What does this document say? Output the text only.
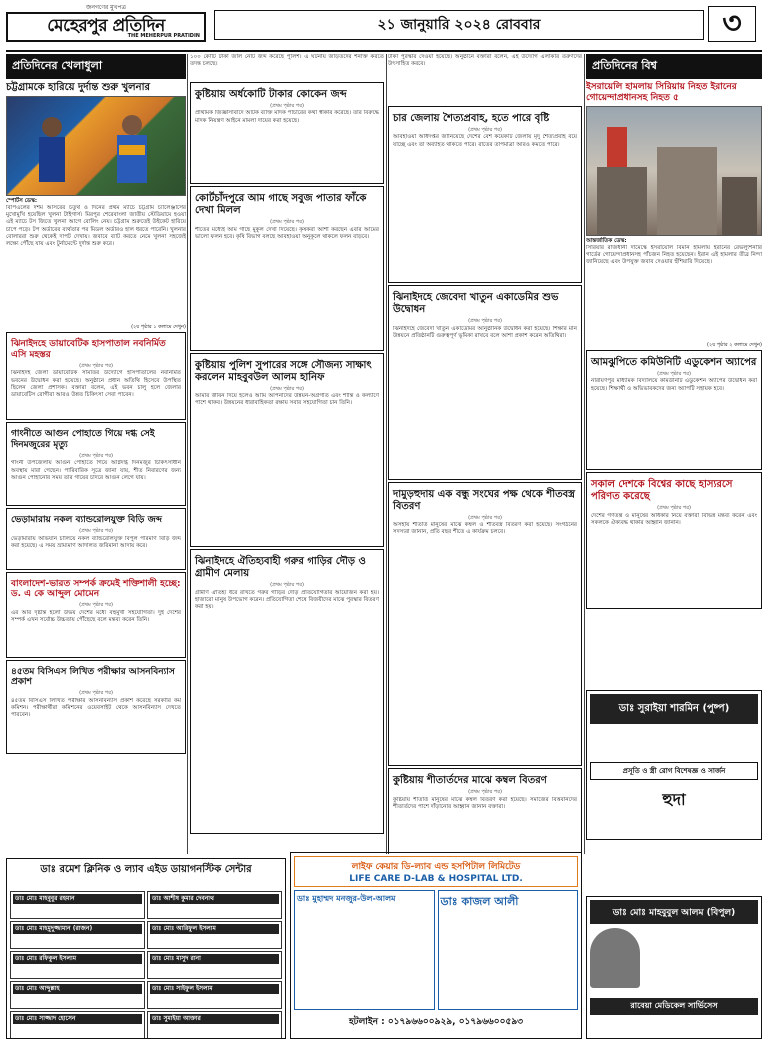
জনগণের মুখপত্র
মেহেরপুর প্রতিদিন
THE MEHERPUR PRATIDIN
২১ জানুয়ারি ২০২৪ রোববার	৩
প্রতিদিনের খেলাধুলা
চট্টগ্রামকে হারিয়ে দুর্দান্ত শুরু খুলনার
স্পোর্টস ডেস্ক:
বিপিএলের দশম আসরের চতুর্থ ও দিনের প্রথম ম্যাচে চট্টগ্রাম চ্যালেঞ্জার্সের মুখোমুখি হয়েছিল খুলনা টাইগার্স। মিরপুর শেরেবাংলা জাতীয় স্টেডিয়ামে হওয়া এই ম্যাচে টস জিতে খুলনা আগে বোলিং নেয়। চট্টগ্রাম শুরুতেই উইকেট হারিয়ে চাপে পড়ে। টপ অর্ডারের ব্যর্থতার পর মিডল অর্ডারও হাল ধরতে পারেনি। খুলনার বোলাররা শুরু থেকেই দাপট দেখায়। জবাবে ব্যাট করতে নেমে খুলনা সহজেই লক্ষ্যে পৌঁছে যায় এবং টুর্নামেন্টে দুর্দান্ত শুরু করে।
(২য় পৃষ্ঠার ১ কলামে দেখুন)
ঝিনাইদহে ডায়াবেটিক হাসপাতাল নবনির্মিত এসি মহস্তর
(প্রথম পৃষ্ঠার পর)
ঝিনাইদহ জেলা ডায়াবেটিক সমিতির উদ্যোগে হাসপাতালের নবনির্মিত ভবনের উদ্বোধন করা হয়েছে। অনুষ্ঠানে প্রধান অতিথি হিসেবে উপস্থিত ছিলেন জেলা প্রশাসক। বক্তারা বলেন, এই ভবন চালু হলে জেলার ডায়াবেটিস রোগীরা আরও উন্নত চিকিৎসা সেবা পাবেন।
গাংনীতে আগুন পোহাতে গিয়ে দগ্ধ সেই দিনমজুরের মৃত্যু
(প্রথম পৃষ্ঠার পর)
গাংনী উপজেলায় আগুন পোহাতে গিয়ে অগ্নিদগ্ধ দিনমজুর চিকিৎসাধীন অবস্থায় মারা গেছেন। পারিবারিক সূত্রে জানা যায়, শীত নিবারণের জন্য আগুন পোহানোর সময় তার গায়ের চাদরে আগুন লেগে যায়।
ভেড়ামারায় নকল ব্যান্ডরোলযুক্ত বিড়ি জব্দ
(প্রথম পৃষ্ঠার পর)
ভেড়ামারায় অভিযান চালিয়ে নকল ব্যান্ডরোলযুক্ত বিপুল পরিমাণ বিড়ি জব্দ করা হয়েছে। এ সময় ভ্রাম্যমাণ আদালত জরিমানা আদায় করে।
বাংলাদেশ-ভারত সম্পর্ক ক্রমেই শক্তিশালী হচ্ছে: ড. এ কে আব্দুল মোমেন
(প্রথম পৃষ্ঠার পর)
এর আর দৃষ্টান্ত হলো উভয় দেশের মধ্যে বহুমুখী সহযোগিতা। দুই দেশের সম্পর্ক এখন সর্বোচ্চ উচ্চতায় পৌঁছেছে বলে মন্তব্য করেন তিনি।
৪৫তম বিসিএস লিখিত পরীক্ষার আসনবিন্যাস প্রকাশ
(প্রথম পৃষ্ঠার পর)
৪৫তম বিসিএস লিখিত পরীক্ষার আসনবিন্যাস প্রকাশ করেছে সরকারি কর্ম কমিশন। পরীক্ষার্থীরা কমিশনের ওয়েবসাইট থেকে আসনবিন্যাস দেখতে পারবেন।
১০০ কোটি টাকা জাল নোট জব্দ করেছে পুলিশ। এ ঘটনায় জড়িতদের শনাক্ত করতে তদন্ত চলছে।
কুষ্টিয়ায় অর্ধকোটি টাকার কোকেন জব্দ
(প্রথম পৃষ্ঠার পর)
প্রাথমিক জিজ্ঞাসাবাদে আটক ব্যক্তি মাদক পাচারের কথা স্বীকার করেছে। তার বিরুদ্ধে মাদক নিয়ন্ত্রণ আইনে মামলা দায়ের করা হয়েছে।
কোর্টচাঁদপুরে আম গাছে সবুজ পাতার ফাঁকে দেখা মিলল
(প্রথম পৃষ্ঠার পর)
শীতের মধ্যেই আম গাছে মুকুল দেখা দিয়েছে। কৃষকরা আশা করছেন এবার আমের ভালো ফলন হবে। কৃষি বিভাগ বলছে আবহাওয়া অনুকূলে থাকলে ফলন বাড়বে।
কুষ্টিয়ায় পুলিশ সুপারের সঙ্গে সৌজন্য সাক্ষাৎ করলেন মাহবুবউল আলম হানিফ
(প্রথম পৃষ্ঠার পর)
আমার জীবন দিয়ে হলেও আমি আপনাদের উন্নয়ন-অগ্রগতি এবং শান্তি ও কল্যাণে পাশে থাকব। উন্নয়নের ধারাবাহিকতা রক্ষায় সবার সহযোগিতা চান তিনি।
ঝিনাইদহে ঐতিহ্যবাহী গরুর গাড়ির দৌড় ও গ্রামীণ মেলায়
(প্রথম পৃষ্ঠার পর)
গ্রামীণ ঐতিহ্য ধরে রাখতে গরুর গাড়ির দৌড় প্রতিযোগিতার আয়োজন করা হয়। হাজারো মানুষ উপভোগ করেন। প্রতিযোগিতা শেষে বিজয়ীদের মাঝে পুরস্কার বিতরণ করা হয়।
টাকা পুরস্কার দেওয়া হয়েছে। অনুষ্ঠানে বক্তারা বলেন, এই উদ্যোগ এলাকার তরুণদের উৎসাহিত করবে।
চার জেলায় শৈত্যপ্রবাহ, হতে পারে বৃষ্টি
(প্রথম পৃষ্ঠার পর)
আবহাওয়া অধিদপ্তর জানিয়েছে দেশের বেশ কয়েকটি জেলায় মৃদু শৈত্যপ্রবাহ বয়ে যাচ্ছে এবং তা অব্যাহত থাকতে পারে। রাতের তাপমাত্রা আরও কমতে পারে।
ঝিনাইদহে জেবেদা খাতুন একাডেমির শুভ উদ্বোধন
(প্রথম পৃষ্ঠার পর)
ঝিনাইদহে জেবেদা খাতুন একাডেমির আনুষ্ঠানিক উদ্বোধন করা হয়েছে। শিক্ষার মান উন্নয়নে প্রতিষ্ঠানটি গুরুত্বপূর্ণ ভূমিকা রাখবে বলে আশা প্রকাশ করেন অতিথিরা।
দামুড়হুদায় এক বন্ধু সংঘের পক্ষ থেকে শীতবস্ত্র বিতরণ
(প্রথম পৃষ্ঠার পর)
অসহায় শীতার্ত মানুষের মাঝে কম্বল ও শীতবস্ত্র বিতরণ করা হয়েছে। সংগঠনের সদস্যরা জানান, প্রতি বছর শীতে এ কার্যক্রম চলবে।
কুষ্টিয়ায় শীতার্তদের মাঝে কম্বল বিতরণ
(প্রথম পৃষ্ঠার পর)
কুষ্টিয়ায় শীতার্ত মানুষের মাঝে কম্বল বিতরণ করা হয়েছে। সমাজের বিত্তবানদের শীতার্তদের পাশে দাঁড়ানোর আহ্বান জানান বক্তারা।
প্রতিদিনের বিশ্ব
ইসরায়েলি হামলায় সিরিয়ায় নিহত ইরানের গোয়েন্দাপ্রধানসহ নিহত ৫
আন্তর্জাতিক ডেস্ক:
সিরিয়ার রাজধানী দামেস্কে ইসরায়েলি বিমান হামলায় ইরানের রেভল্যুশনারি গার্ডের গোয়েন্দাপ্রধানসহ পাঁচজন নিহত হয়েছেন। ইরান এই হামলার তীব্র নিন্দা জানিয়েছে এবং উপযুক্ত জবাব দেওয়ার হুঁশিয়ারি দিয়েছে।
(২য় পৃষ্ঠার ২ কলামে দেখুন)
আমঝুপিতে কমিউনিটি এডুকেশন অ্যাপের
(প্রথম পৃষ্ঠার পর)
নারায়ণপুর মাধ্যমিক বিদ্যালয়ে কমিউনিটি এডুকেশন অ্যাপের উদ্বোধন করা হয়েছে। শিক্ষার্থী ও অভিভাবকদের জন্য অ্যাপটি সহায়ক হবে।
সকাল দেশকে বিশ্বের কাছে হাস্যরসে পরিণত করেছে
(প্রথম পৃষ্ঠার পর)
দেশের গণতন্ত্র ও মানুষের অধিকার নিয়ে বক্তারা বিভিন্ন মন্তব্য করেন এবং সকলকে ঐক্যবদ্ধ থাকার আহ্বান জানান।
ডাঃ সুরাইয়া শারমিন (পুষ্প)
প্রসূতি ও স্ত্রী রোগ বিশেষজ্ঞ ও সার্জন
হুদা
ডাঃ মোঃ মাহবুবুল আলম (বিপুল)
রাবেয়া মেডিকেল সার্ভিসেস
ডাঃ রমেশ ক্লিনিক ও ল্যাব এইড ডায়াগনস্টিক সেন্টার
ডাঃ মোঃ মাহবুবুর রহমান	ডাঃ আশীষ কুমার দেবনাথ
ডাঃ মোঃ মাহমুদুজ্জামান (রাজন)	ডাঃ মোঃ আরিফুল ইসলাম
ডাঃ মোঃ রফিকুল ইসলাম	ডাঃ মোঃ মাসুদ রানা
ডাঃ মোঃ আব্দুল্লাহ	ডাঃ মোঃ সাইফুল ইসলাম
ডাঃ মোঃ সাজ্জাদ হোসেন	ডাঃ সুমাইয়া আক্তার
লাইফ কেয়ার ডি-ল্যাব এন্ড হসপিটাল লিমিটেড
LIFE CARE D-LAB & HOSPITAL LTD.
ডাঃ মুহাম্মদ মনজুর-উল-আলম	ডাঃ কাজল আলী
হটলাইন : ০১৭৯৬৬০০৯২৯, ০১৭৯৬৬০০৫৯৩
